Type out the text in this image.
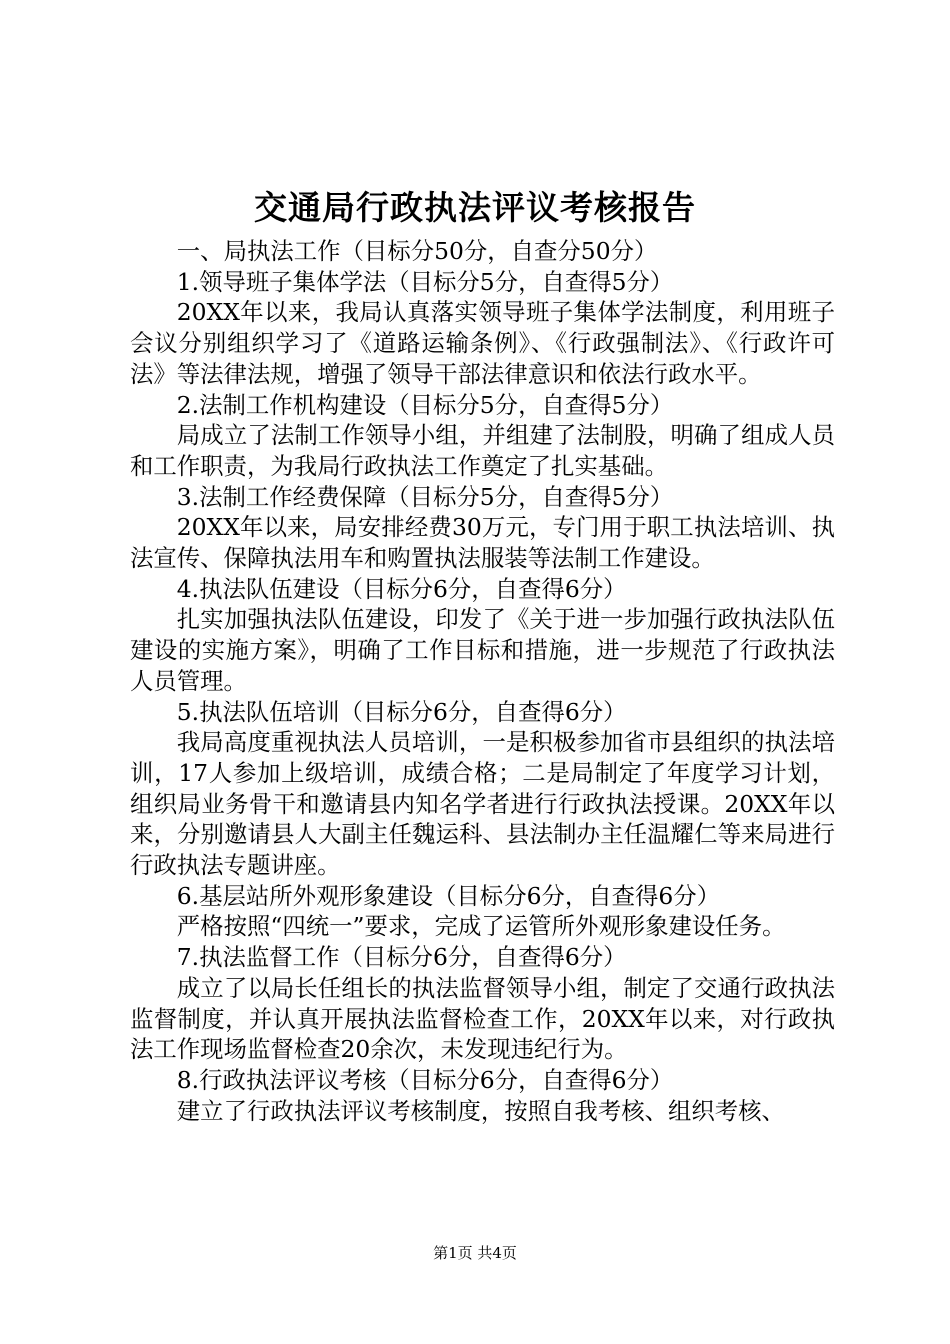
交通局行政执法评议考核报告

一、局执法工作（目标分50分，自查分50分）

1.领导班子集体学法（目标分5分，自查得5分）

20XX年以来，我局认真落实领导班子集体学法制度，利用班子会议分别组织学习了《道路运输条例》、《行政强制法》、《行政许可法》等法律法规，增强了领导干部法律意识和依法行政水平。

2.法制工作机构建设（目标分5分，自查得5分）

局成立了法制工作领导小组，并组建了法制股，明确了组成人员和工作职责，为我局行政执法工作奠定了扎实基础。

3.法制工作经费保障（目标分5分，自查得5分）

20XX年以来，局安排经费30万元，专门用于职工执法培训、执法宣传、保障执法用车和购置执法服装等法制工作建设。

4.执法队伍建设（目标分6分，自查得6分）

扎实加强执法队伍建设，印发了《关于进一步加强行政执法队伍建设的实施方案》，明确了工作目标和措施，进一步规范了行政执法人员管理。

5.执法队伍培训（目标分6分，自查得6分）

我局高度重视执法人员培训，一是积极参加省市县组织的执法培训，17人参加上级培训，成绩合格；二是局制定了年度学习计划，组织局业务骨干和邀请县内知名学者进行行政执法授课。20XX年以来，分别邀请县人大副主任魏运科、县法制办主任温耀仁等来局进行行政执法专题讲座。

6.基层站所外观形象建设（目标分6分，自查得6分）

严格按照“四统一”要求，完成了运管所外观形象建设任务。

7.执法监督工作（目标分6分，自查得6分）

成立了以局长任组长的执法监督领导小组，制定了交通行政执法监督制度，并认真开展执法监督检查工作，20XX年以来，对行政执法工作现场监督检查20余次，未发现违纪行为。

8.行政执法评议考核（目标分6分，自查得6分）

建立了行政执法评议考核制度，按照自我考核、组织考核、

第1页 共4页
